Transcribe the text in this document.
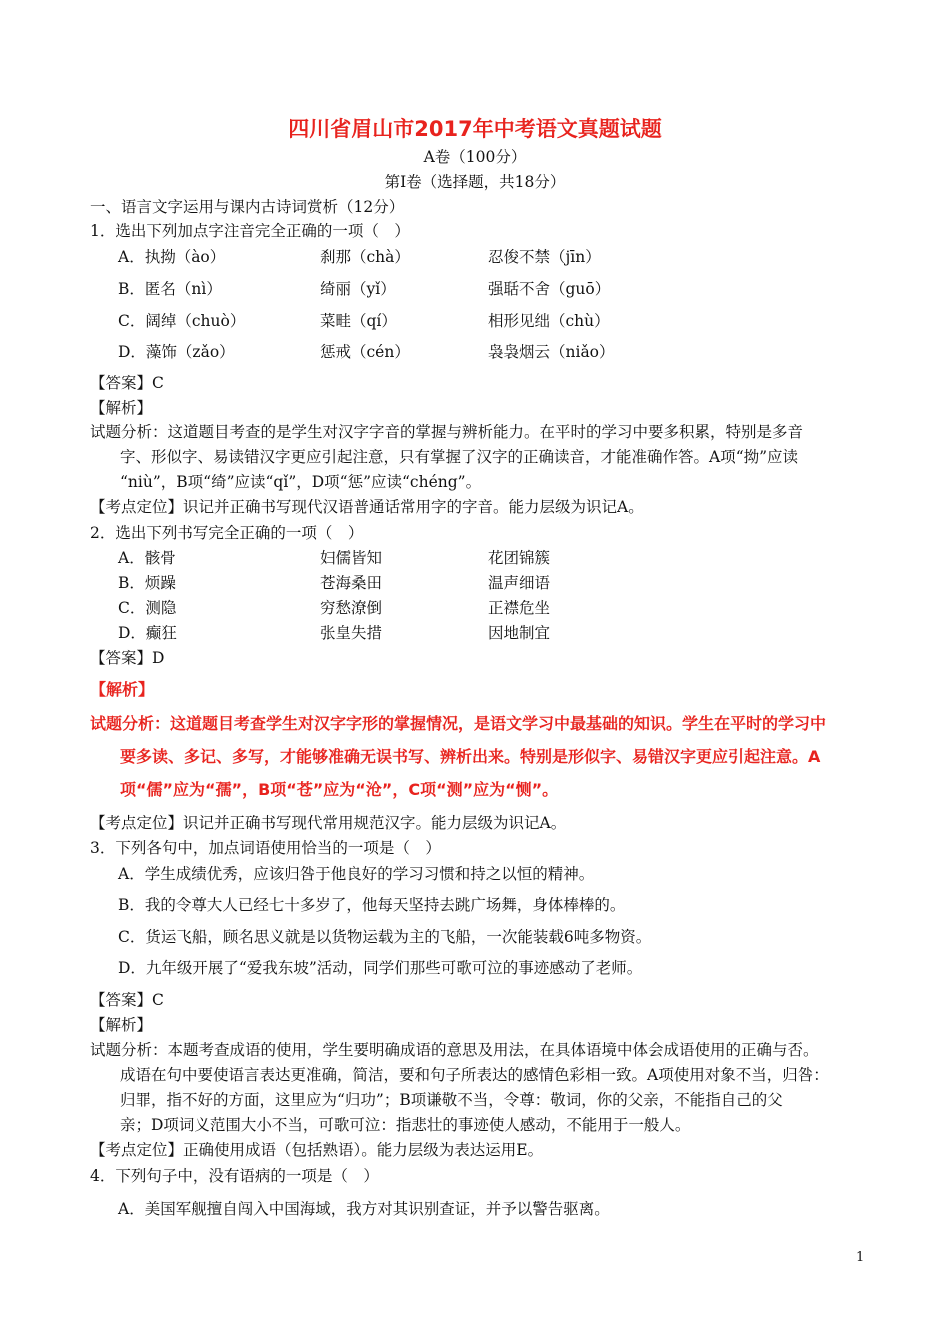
四川省眉山市2017年中考语文真题试题
A卷（100分）
第Ⅰ卷（选择题，共18分）
一、语言文字运用与课内古诗词赏析（12分）
1．选出下列加点字注音完全正确的一项（　）
A．执拗（ào）	刹那（chà）	忍俊不禁（jīn）
B．匿名（nì）	绮丽（yǐ）	强聒不舍（guō）
C．阔绰（chuò）	菜畦（qí）	相形见绌（chù）
D．藻饰（zǎo）	惩戒（cén）	袅袅烟云（niǎo）
【答案】C
【解析】
试题分析：这道题目考查的是学生对汉字字音的掌握与辨析能力。在平时的学习中要多积累，特别是多音
字、形似字、易读错汉字更应引起注意，只有掌握了汉字的正确读音，才能准确作答。A项“拗”应读
“niù”，B项“绮”应读“qǐ”，D项“惩”应读“chéng”。
【考点定位】识记并正确书写现代汉语普通话常用字的字音。能力层级为识记A。
2．选出下列书写完全正确的一项（　）
A．骸骨	妇儒皆知	花团锦簇
B．烦躁	苍海桑田	温声细语
C．测隐	穷愁潦倒	正襟危坐
D．癫狂	张皇失措	因地制宜
【答案】D
【解析】
试题分析：这道题目考查学生对汉字字形的掌握情况，是语文学习中最基础的知识。学生在平时的学习中
要多读、多记、多写，才能够准确无误书写、辨析出来。特别是形似字、易错汉字更应引起注意。A
项“儒”应为“孺”，B项“苍”应为“沧”，C项“测”应为“恻”。
【考点定位】识记并正确书写现代常用规范汉字。能力层级为识记A。
3．下列各句中，加点词语使用恰当的一项是（　）
A．学生成绩优秀，应该归咎于他良好的学习习惯和持之以恒的精神。
B．我的令尊大人已经七十多岁了，他每天坚持去跳广场舞，身体棒棒的。
C．货运飞船，顾名思义就是以货物运载为主的飞船，一次能装载6吨多物资。
D．九年级开展了“爱我东坡”活动，同学们那些可歌可泣的事迹感动了老师。
【答案】C
【解析】
试题分析：本题考查成语的使用，学生要明确成语的意思及用法，在具体语境中体会成语使用的正确与否。
成语在句中要使语言表达更准确，简洁，要和句子所表达的感情色彩相一致。A项使用对象不当，归咎：
归罪，指不好的方面，这里应为“归功”；B项谦敬不当，令尊：敬词，你的父亲，不能指自己的父
亲；D项词义范围大小不当，可歌可泣：指悲壮的事迹使人感动，不能用于一般人。
【考点定位】正确使用成语（包括熟语）。能力层级为表达运用E。
4．下列句子中，没有语病的一项是（　）
A．美国军舰擅自闯入中国海域，我方对其识别查证，并予以警告驱离。
1
